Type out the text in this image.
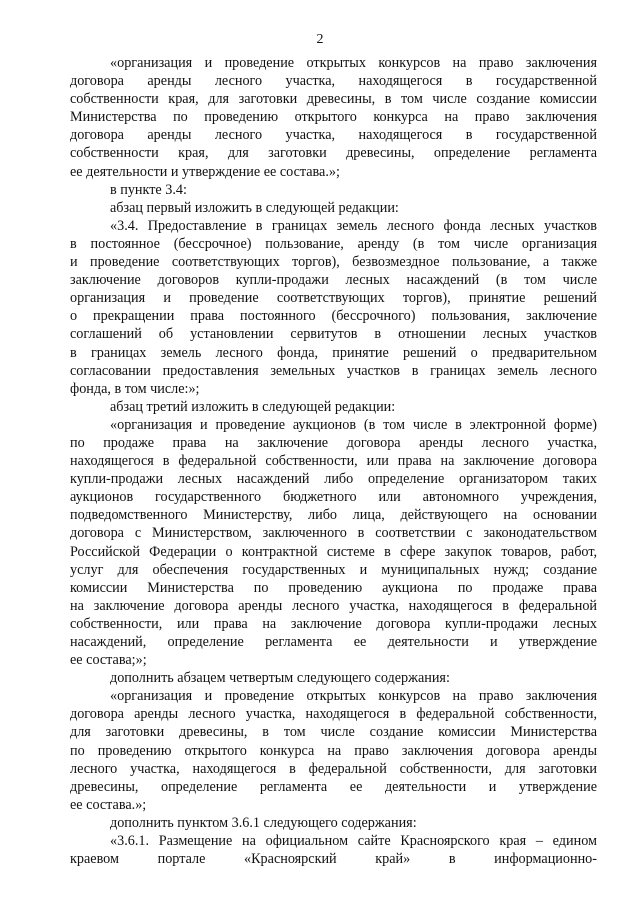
2
«организация и проведение открытых конкурсов на право заключения
договора аренды лесного участка, находящегося в государственной
собственности края, для заготовки древесины, в том числе создание комиссии
Министерства по проведению открытого конкурса на право заключения
договора аренды лесного участка, находящегося в государственной
собственности края, для заготовки древесины, определение регламента
ее деятельности и утверждение ее состава.»;
в пункте 3.4:
абзац первый изложить в следующей редакции:
«3.4. Предоставление в границах земель лесного фонда лесных участков
в постоянное (бессрочное) пользование, аренду (в том числе организация
и проведение соответствующих торгов), безвозмездное пользование, а также
заключение договоров купли-продажи лесных насаждений (в том числе
организация и проведение соответствующих торгов), принятие решений
о прекращении права постоянного (бессрочного) пользования, заключение
соглашений об установлении сервитутов в отношении лесных участков
в границах земель лесного фонда, принятие решений о предварительном
согласовании предоставления земельных участков в границах земель лесного
фонда, в том числе:»;
абзац третий изложить в следующей редакции:
«организация и проведение аукционов (в том числе в электронной форме)
по продаже права на заключение договора аренды лесного участка,
находящегося в федеральной собственности, или права на заключение договора
купли-продажи лесных насаждений либо определение организатором таких
аукционов государственного бюджетного или автономного учреждения,
подведомственного Министерству, либо лица, действующего на основании
договора с Министерством, заключенного в соответствии с законодательством
Российской Федерации о контрактной системе в сфере закупок товаров, работ,
услуг для обеспечения государственных и муниципальных нужд; создание
комиссии Министерства по проведению аукциона по продаже права
на заключение договора аренды лесного участка, находящегося в федеральной
собственности, или права на заключение договора купли-продажи лесных
насаждений, определение регламента ее деятельности и утверждение
ее состава;»;
дополнить абзацем четвертым следующего содержания:
«организация и проведение открытых конкурсов на право заключения
договора аренды лесного участка, находящегося в федеральной собственности,
для заготовки древесины, в том числе создание комиссии Министерства
по проведению открытого конкурса на право заключения договора аренды
лесного участка, находящегося в федеральной собственности, для заготовки
древесины, определение регламента ее деятельности и утверждение
ее состава.»;
дополнить пунктом 3.6.1 следующего содержания:
«3.6.1. Размещение на официальном сайте Красноярского края – едином
краевом портале «Красноярский край» в информационно-
